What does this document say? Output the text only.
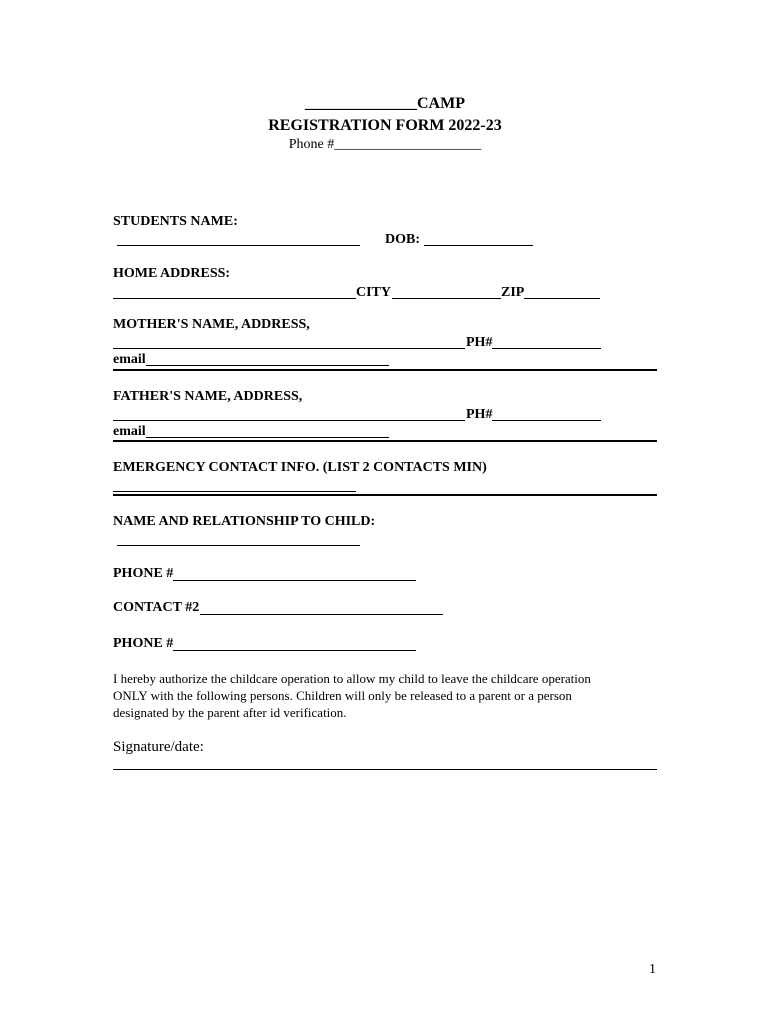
______________CAMP
REGISTRATION FORM 2022-23
Phone #_____________________
STUDENTS NAME:
DOB:
HOME ADDRESS:
CITY	ZIP
MOTHER'S NAME, ADDRESS,
PH#
email
FATHER'S NAME, ADDRESS,
PH#
email
EMERGENCY CONTACT INFO. (LIST 2 CONTACTS MIN)
NAME AND RELATIONSHIP TO CHILD:
PHONE #
CONTACT #2
PHONE #
I hereby authorize the childcare operation to allow my child to leave the childcare operation
ONLY with the following persons. Children will only be released to a parent or a person
designated by the parent after id verification.
Signature/date:
1
